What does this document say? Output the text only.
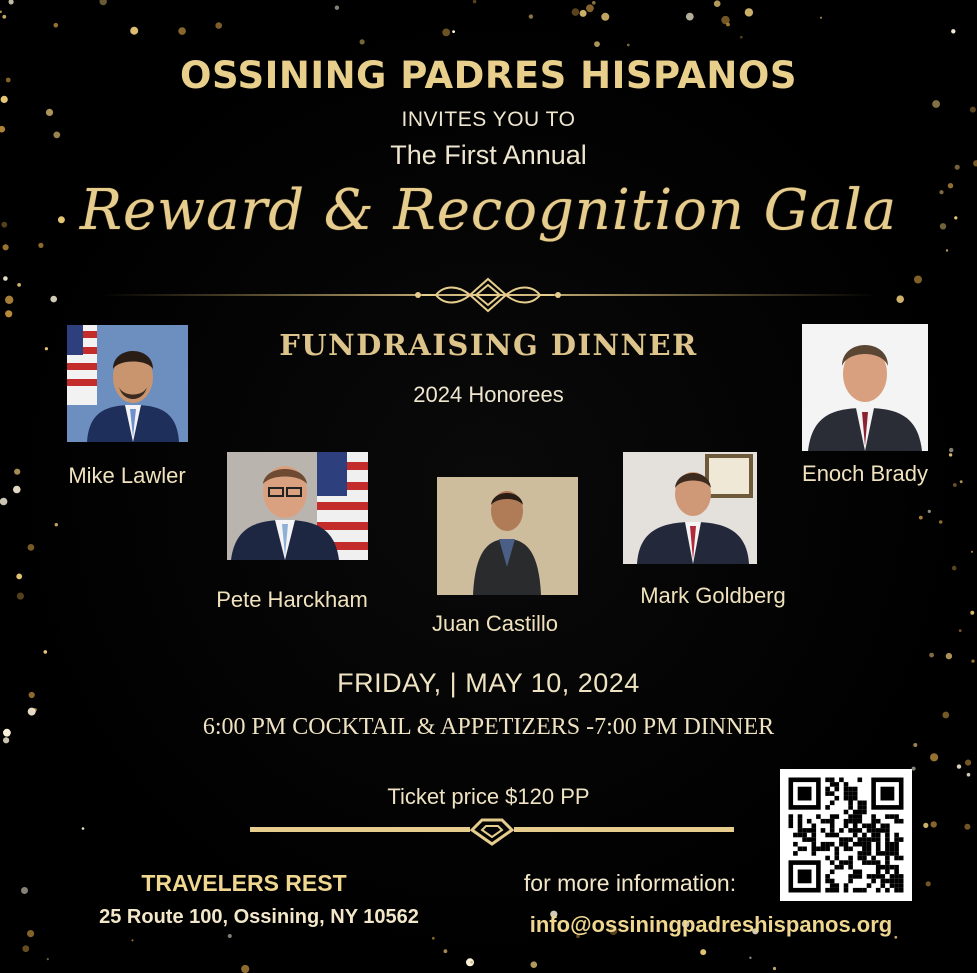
OSSINING PADRES HISPANOS
INVITES YOU TO
The First Annual
Reward & Recognition Gala
FUNDRAISING DINNER
2024 Honorees
Mike Lawler
Pete Harckham
Juan Castillo
Mark Goldberg
Enoch Brady
FRIDAY, | MAY 10, 2024
6:00 PM COCKTAIL & APPETIZERS -7:00 PM DINNER
Ticket price $120 PP
TRAVELERS REST
25 Route 100, Ossining, NY 10562
for more information:
info@ossiningpadreshispanos.org
